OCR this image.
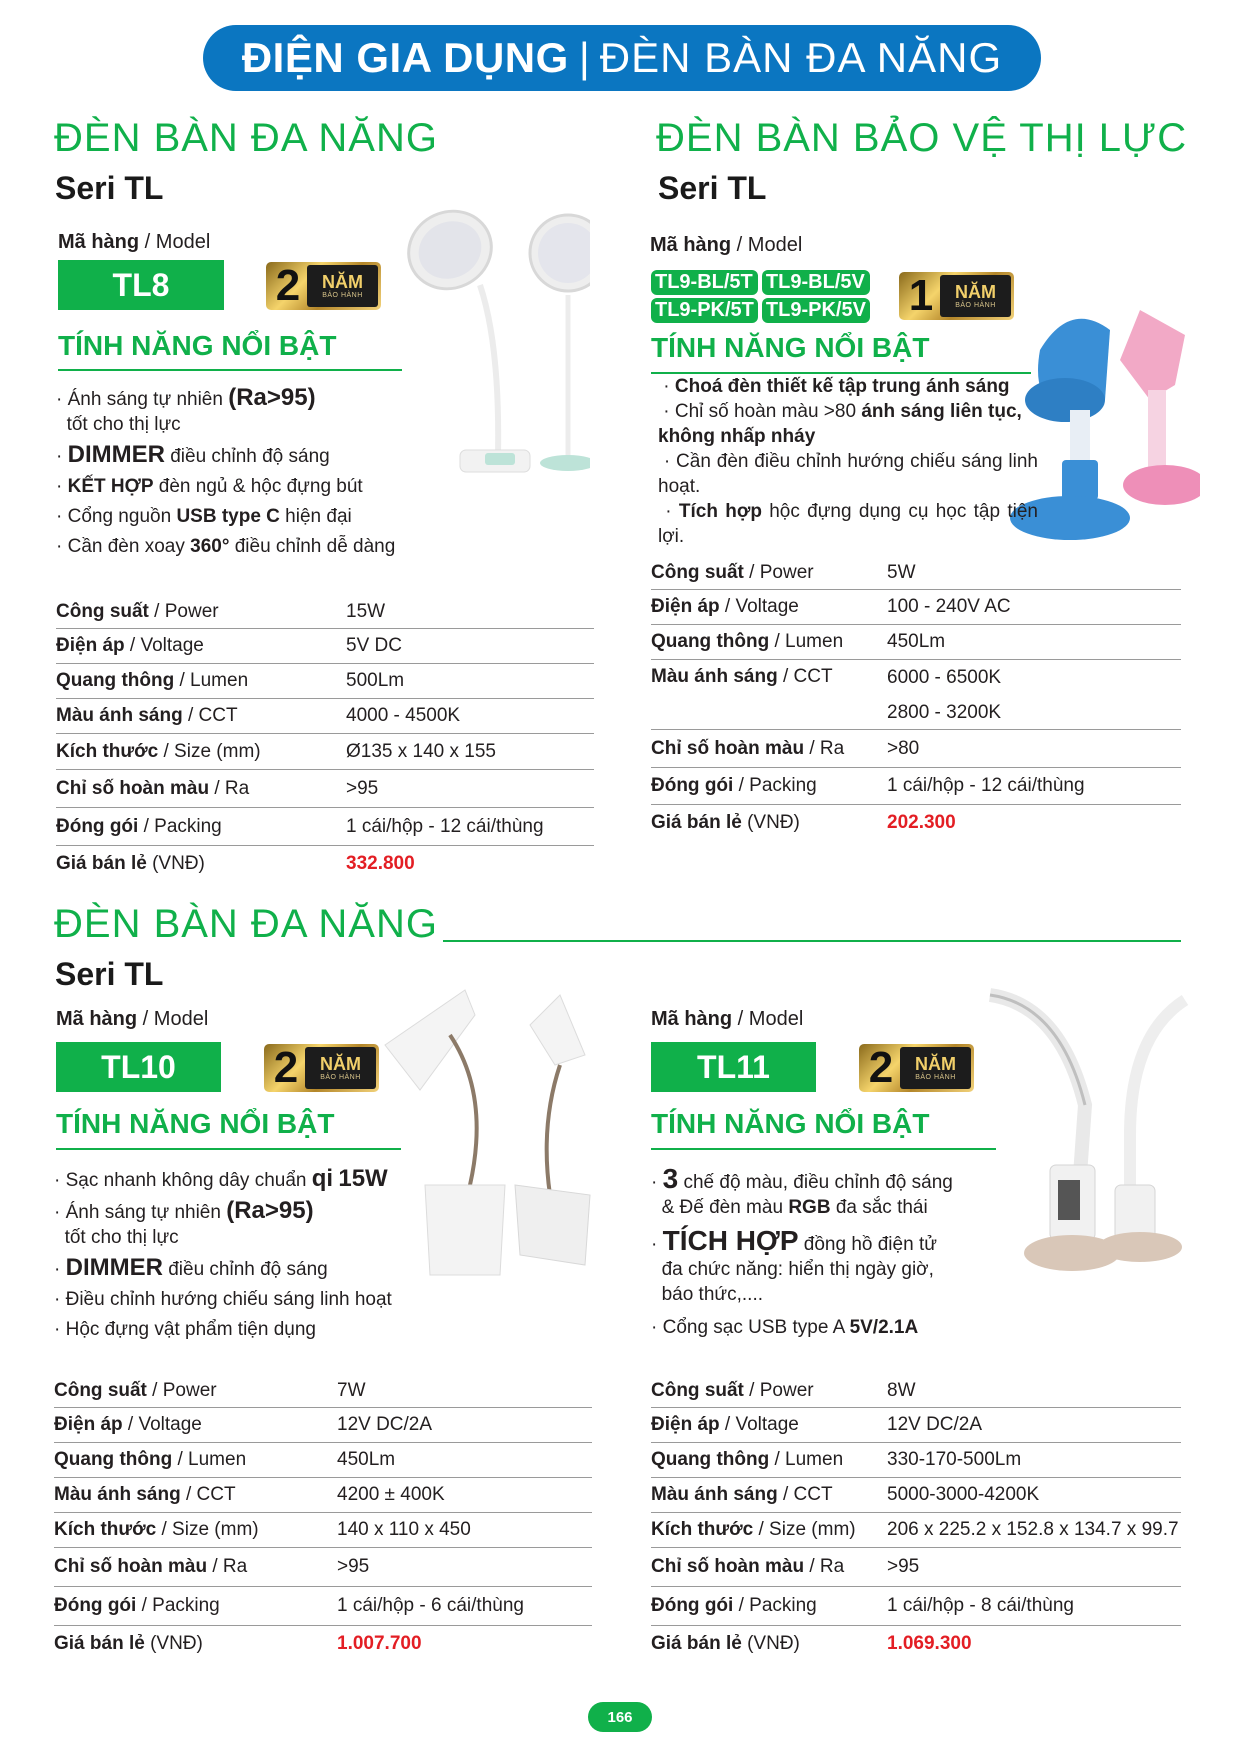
ĐIỆN GIA DỤNG | ĐÈN BÀN ĐA NĂNG
ĐÈN BÀN ĐA NĂNG
Seri TL
Mã hàng / Model
TL8	2	NĂM
BẢO HÀNH
TÍNH NĂNG NỔI BẬT
· Ánh sáng tự nhiên (Ra>95)
tốt cho thị lực
· DIMMER điều chỉnh độ sáng
· KẾT HỢP đèn ngủ & hộc đựng bút
· Cổng nguồn USB type C hiện đại
· Cần đèn xoay 360° điều chỉnh dễ dàng
Công suất / Power	15W
Điện áp / Voltage	5V DC
Quang thông / Lumen	500Lm
Màu ánh sáng / CCT	4000 - 4500K
Kích thước / Size (mm)	Ø135 x 140 x 155
Chỉ số hoàn màu / Ra	>95
Đóng gói / Packing	1 cái/hộp - 12 cái/thùng
Giá bán lẻ (VNĐ)	332.800
ĐÈN BÀN BẢO VỆ THỊ LỰC
Seri TL
Mã hàng / Model
TL9-BL/5T TL9-BL/5V
TL9-PK/5T TL9-PK/5V 1	NĂM
BẢO HÀNH
TÍNH NĂNG NỔI BẬT
· Choá đèn thiết kế tập trung ánh sáng
· Chỉ số hoàn màu >80 ánh sáng liên tục, không nhấp nháy
· Cần đèn điều chỉnh hướng chiếu sáng linh hoạt.
· Tích hợp hộc đựng dụng cụ học tập tiện lợi.
Công suất / Power	5W
Điện áp / Voltage	100 - 240V AC
Quang thông / Lumen	450Lm
Màu ánh sáng / CCT	6000 - 6500K
2800 - 3200K
Chỉ số hoàn màu / Ra	>80
Đóng gói / Packing	1 cái/hộp - 12 cái/thùng
Giá bán lẻ (VNĐ)	202.300
ĐÈN BÀN ĐA NĂNG
Seri TL
Mã hàng / Model
TL10	2	NĂM
BẢO HÀNH
TÍNH NĂNG NỔI BẬT
· Sạc nhanh không dây chuẩn qi 15W
· Ánh sáng tự nhiên (Ra>95)
tốt cho thị lực
· DIMMER điều chỉnh độ sáng
· Điều chỉnh hướng chiếu sáng linh hoạt
· Hộc đựng vật phẩm tiện dụng
Công suất / Power	7W
Điện áp / Voltage	12V DC/2A
Quang thông / Lumen	450Lm
Màu ánh sáng / CCT	4200 ± 400K
Kích thước / Size (mm)	140 x 110 x 450
Chỉ số hoàn màu / Ra	>95
Đóng gói / Packing	1 cái/hộp - 6 cái/thùng
Giá bán lẻ (VNĐ)	1.007.700
Mã hàng / Model
TL11	2	NĂM
BẢO HÀNH
TÍNH NĂNG NỔI BẬT
· 3 chế độ màu, điều chỉnh độ sáng
& Đế đèn màu RGB đa sắc thái
· TÍCH HỢP đồng hồ điện tử
đa chức năng: hiển thị ngày giờ,
báo thức,....
· Cổng sạc USB type A 5V/2.1A
Công suất / Power	8W
Điện áp / Voltage	12V DC/2A
Quang thông / Lumen	330-170-500Lm
Màu ánh sáng / CCT	5000-3000-4200K
Kích thước / Size (mm)	206 x 225.2 x 152.8 x 134.7 x 99.7
Chỉ số hoàn màu / Ra	>95
Đóng gói / Packing	1 cái/hộp - 8 cái/thùng
Giá bán lẻ (VNĐ)	1.069.300
166
